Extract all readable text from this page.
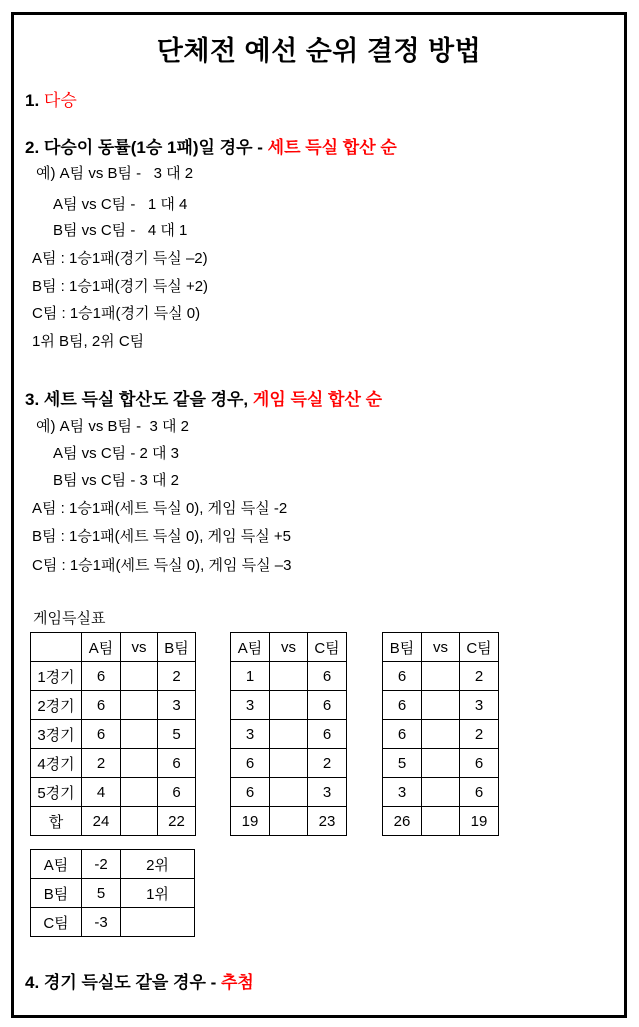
단체전 예선 순위 결정 방법
1. 다승
2. 다승이 동률(1승 1패)일 경우 - 세트 득실 합산 순
예) A팀 vs B팀 -   3 대 2
A팀 vs C팀 -   1 대 4
B팀 vs C팀 -   4 대 1
A팀 : 1승1패(경기 득실 –2)
B팀 : 1승1패(경기 득실 +2)
C팀 : 1승1패(경기 득실 0)
1위 B팀, 2위 C팀
3. 세트 득실 합산도 같을 경우, 게임 득실 합산 순
예) A팀 vs B팀 -  3 대 2
A팀 vs C팀 - 2 대 3
B팀 vs C팀 - 3 대 2
A팀 : 1승1패(세트 득실 0), 게임 득실 -2
B팀 : 1승1패(세트 득실 0), 게임 득실 +5
C팀 : 1승1패(세트 득실 0), 게임 득실 –3
게임득실표
	A팀	vs	B팀
1경기	6		2
2경기	6		3
3경기	6		5
4경기	2		6
5경기	4		6
합	24		22
A팀	vs	C팀
1		6
3		6
3		6
6		2
6		3
19		23
B팀	vs	C팀
6		2
6		3
6		2
5		6
3		6
26		19
A팀	-2	2위
B팀	5	1위
C팀	-3	
4. 경기 득실도 같을 경우 - 추첨
